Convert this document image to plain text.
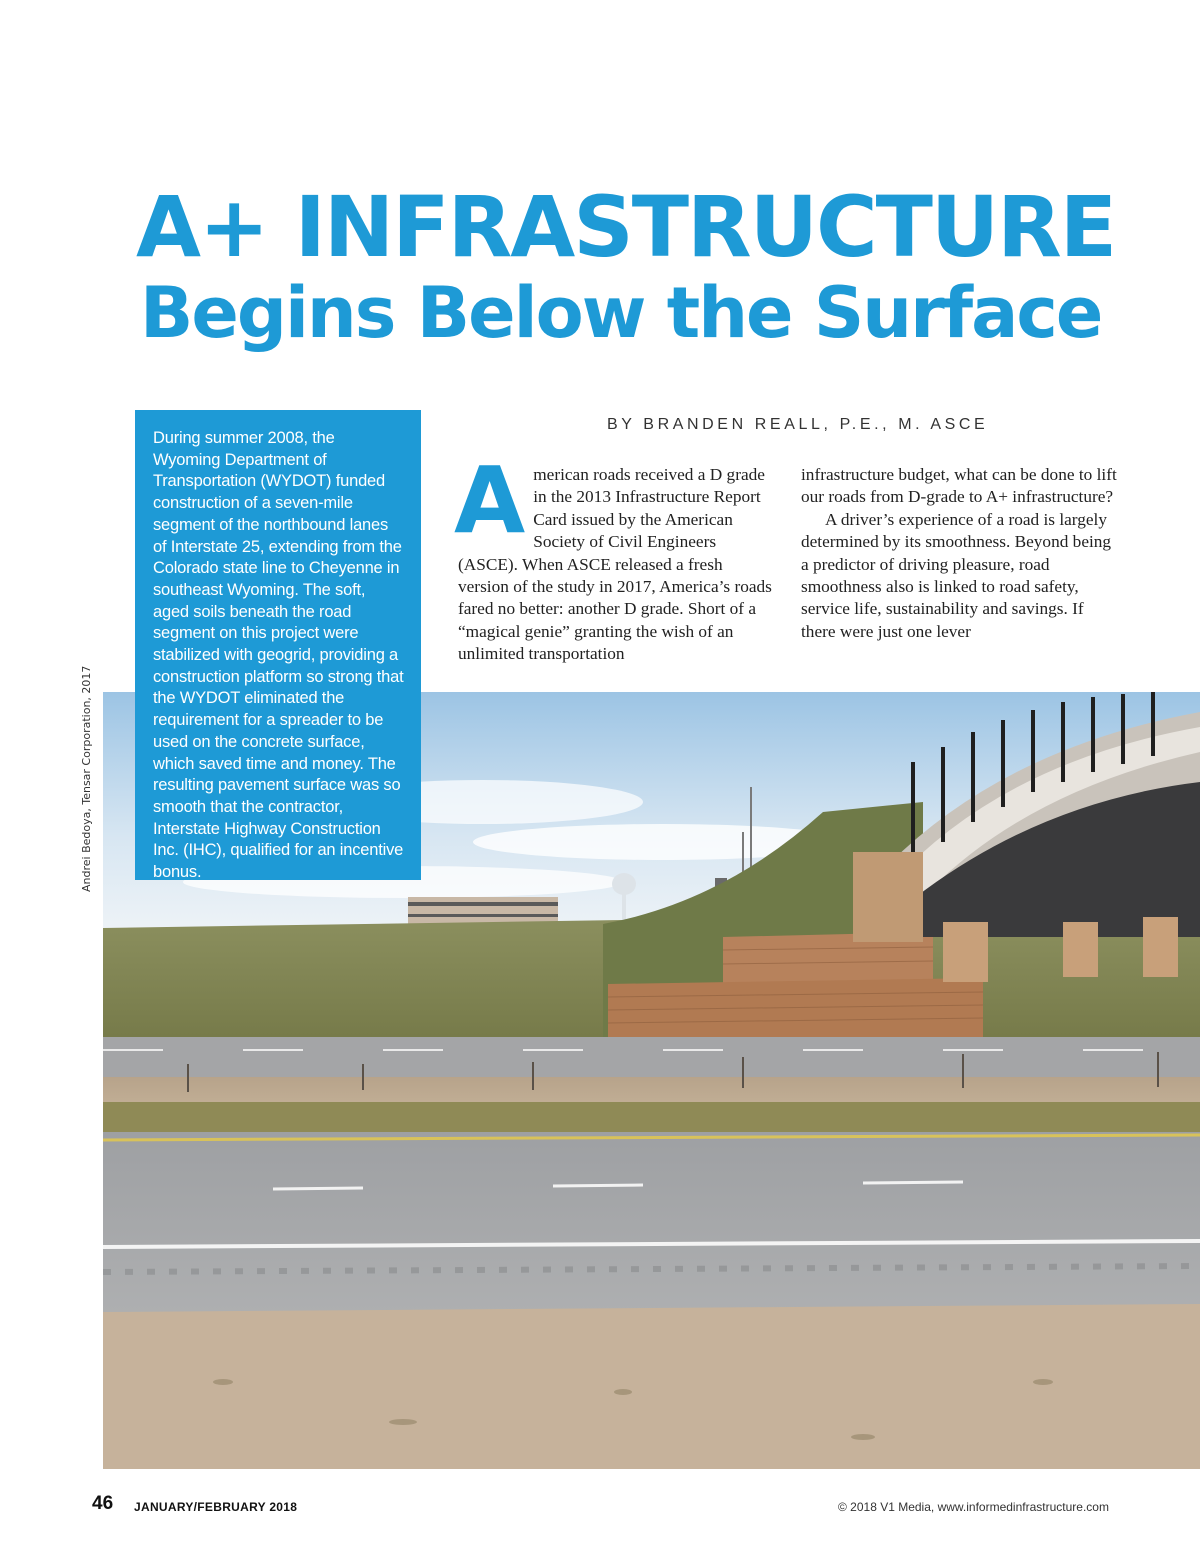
A+ INFRASTRUCTURE
Begins Below the Surface

During summer 2008, the Wyoming Department of Transportation (WYDOT) funded construction of a seven-mile segment of the northbound lanes of Interstate 25, extending from the Colorado state line to Cheyenne in southeast Wyoming. The soft, aged soils beneath the road segment on this project were stabilized with geogrid, providing a construction platform so strong that the WYDOT eliminated the requirement for a spreader to be used on the concrete surface, which saved time and money. The resulting pavement surface was so smooth that the contractor, Interstate Highway Construction Inc. (IHC), qualified for an incentive bonus.

Andrei Bedoya, Tensar Corporation, 2017
BY BRANDEN REALL, P.E., M. ASCE
A merican roads received a D grade in the 2013 Infrastructure Report Card issued by the American Society of Civil Engineers (ASCE). When ASCE released a fresh version of the study in 2017, America’s roads fared no better: another D grade. Short of a “magical genie” granting the wish of an unlimited transportation

infrastructure budget, what can be done to lift our roads from D-grade to A+ infrastructure?

A driver’s experience of a road is largely determined by its smoothness. Beyond being a predictor of driving pleasure, road smoothness also is linked to road safety, service life, sustainability and savings. If there were just one lever

46 JANUARY/FEBRUARY 2018	© 2018 V1 Media, www.informedinfrastructure.com
